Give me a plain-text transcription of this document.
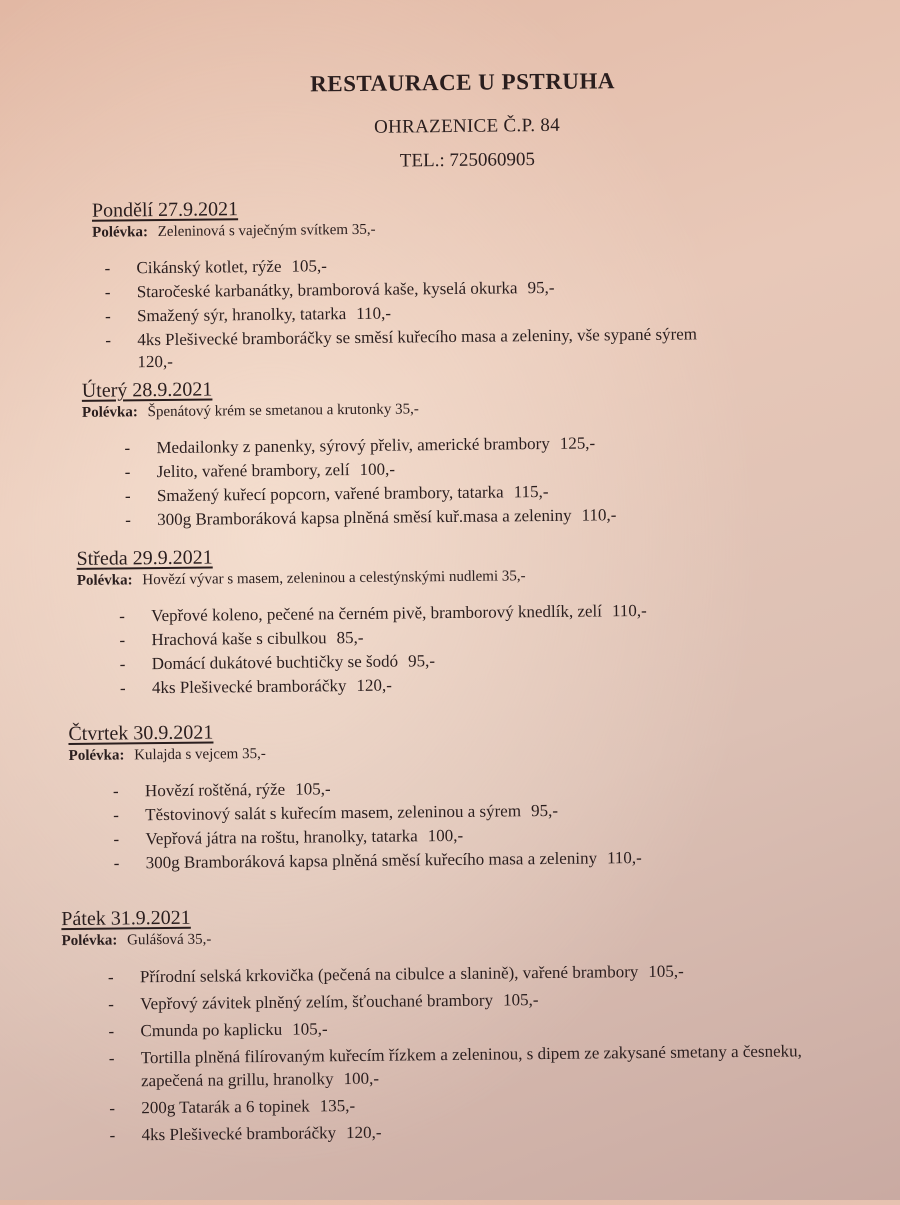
RESTAURACE U PSTRUHA
OHRAZENICE Č.P. 84
TEL.: 725060905
Pondělí 27.9.2021
Polévka: Zeleninová s vaječným svítkem 35,-
- Cikánský kotlet, rýže 105,-
- Staročeské karbanátky, bramborová kaše, kyselá okurka 95,-
- Smažený sýr, hranolky, tatarka 110,-
- 4ks Plešivecké bramboráčky se směsí kuřecího masa a zeleniny, vše sypané sýrem
120,-
Úterý 28.9.2021
Polévka: Špenátový krém se smetanou a krutonky 35,-
- Medailonky z panenky, sýrový přeliv, americké brambory 125,-
- Jelito, vařené brambory, zelí 100,-
- Smažený kuřecí popcorn, vařené brambory, tatarka 115,-
- 300g Bramboráková kapsa plněná směsí kuř.masa a zeleniny 110,-
Středa 29.9.2021
Polévka: Hovězí vývar s masem, zeleninou a celestýnskými nudlemi 35,-
- Vepřové koleno, pečené na černém pivě, bramborový knedlík, zelí 110,-
- Hrachová kaše s cibulkou 85,-
- Domácí dukátové buchtičky se šodó 95,-
- 4ks Plešivecké bramboráčky 120,-
Čtvrtek 30.9.2021
Polévka: Kulajda s vejcem 35,-
- Hovězí roštěná, rýže 105,-
- Těstovinový salát s kuřecím masem, zeleninou a sýrem 95,-
- Vepřová játra na roštu, hranolky, tatarka 100,-
- 300g Bramboráková kapsa plněná směsí kuřecího masa a zeleniny 110,-
Pátek 31.9.2021
Polévka: Gulášová 35,-
- Přírodní selská krkovička (pečená na cibulce a slanině), vařené brambory 105,-
- Vepřový závitek plněný zelím, šťouchané brambory 105,-
- Cmunda po kaplicku 105,-
- Tortilla plněná filírovaným kuřecím řízkem a zeleninou, s dipem ze zakysané smetany a česneku, zapečená na grillu, hranolky 100,-
- 200g Tatarák a 6 topinek 135,-
- 4ks Plešivecké bramboráčky 120,-
